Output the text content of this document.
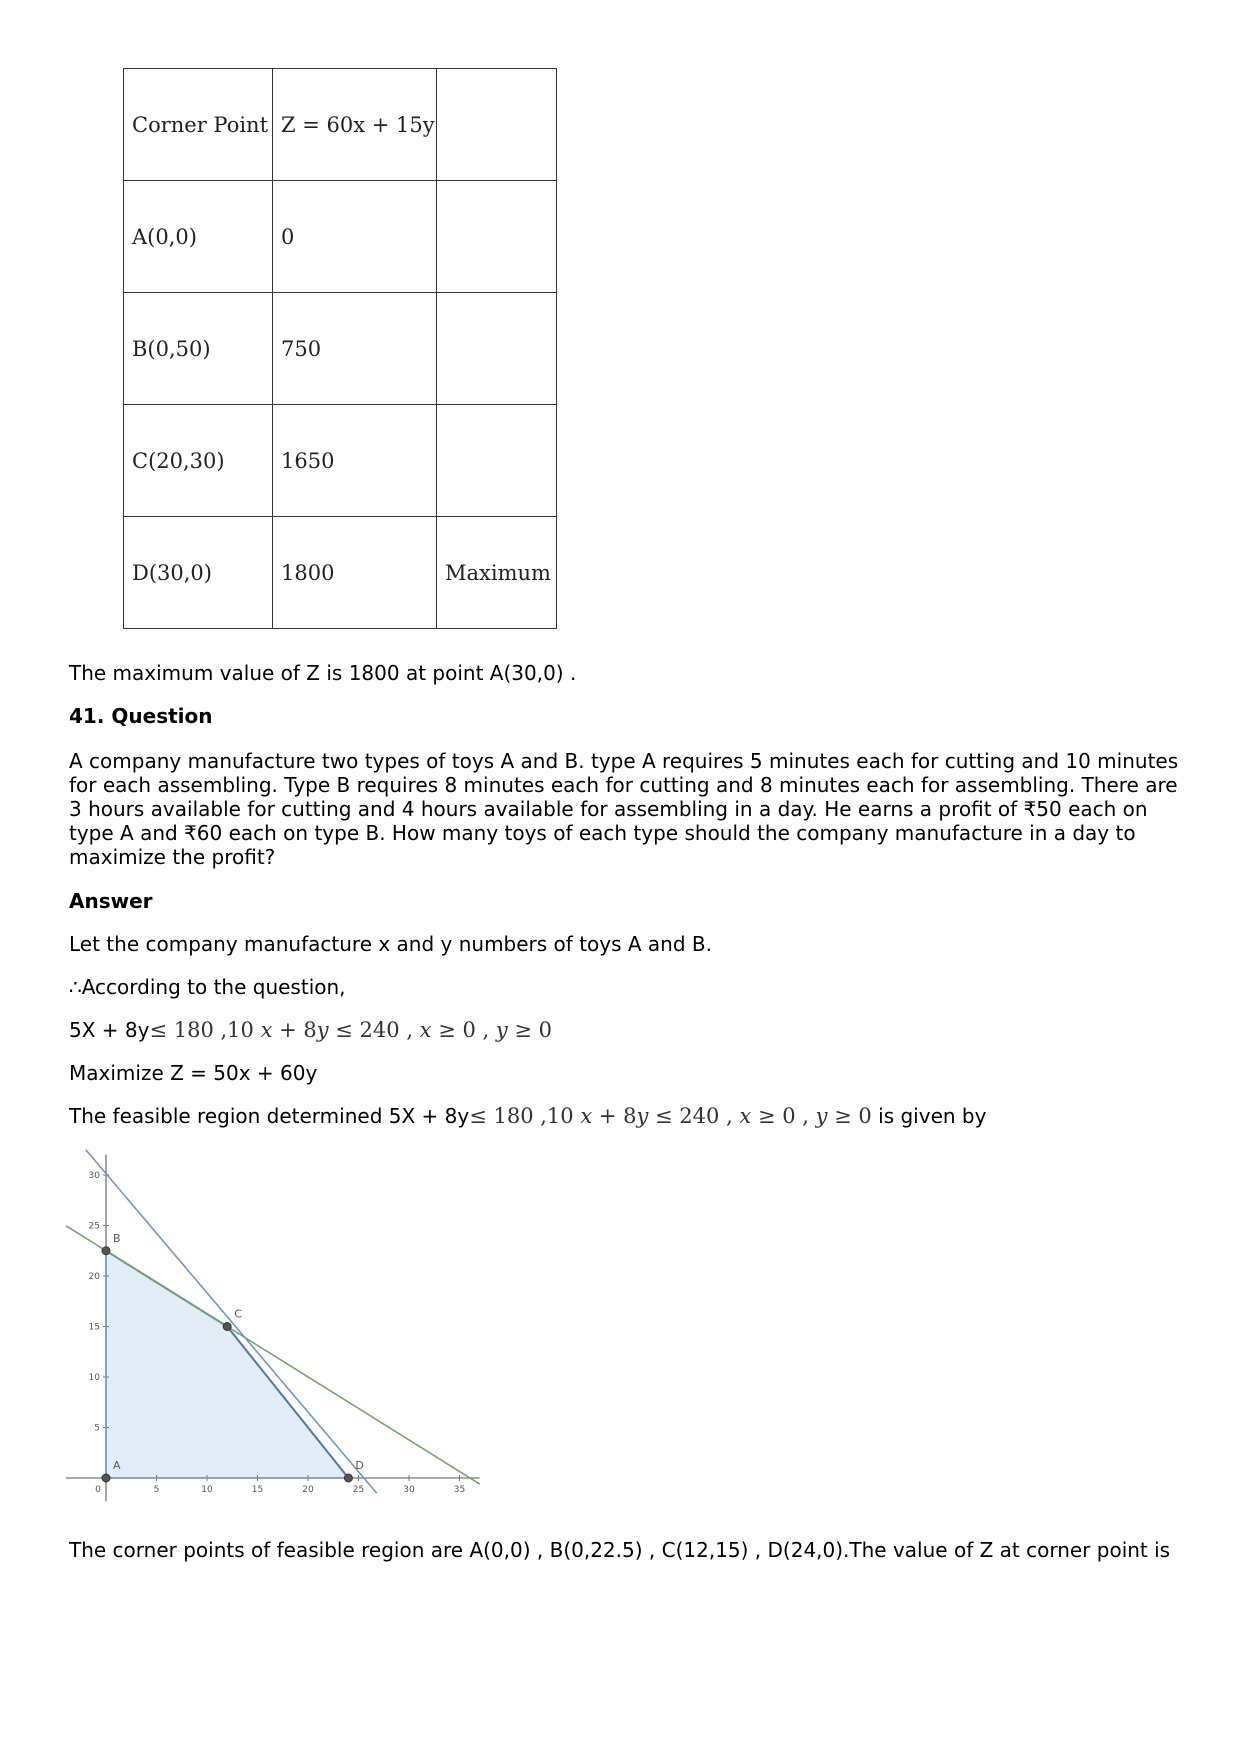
Corner Point	Z = 60x + 15y	
A(0,0)	0	
B(0,50)	750	
C(20,30)	1650	
D(30,0)	1800	Maximum

The maximum value of Z is 1800 at point A(30,0) .

41. Question

A company manufacture two types of toys A and B. type A requires 5 minutes each for cutting and 10 minutes for each assembling. Type B requires 8 minutes each for cutting and 8 minutes each for assembling. There are 3 hours available for cutting and 4 hours available for assembling in a day. He earns a profit of ₹50 each on type A and ₹60 each on type B. How many toys of each type should the company manufacture in a day to maximize the profit?

Answer

Let the company manufacture x and y numbers of toys A and B.

∴According to the question,

5X + 8y≤ 180 ,10 x + 8y ≤ 240 , x ≥ 0 , y ≥ 0

Maximize Z = 50x + 60y

The feasible region determined 5X + 8y≤ 180 ,10 x + 8y ≤ 240 , x ≥ 0 , y ≥ 0 is given by

5	10	15	20	25	30	35
5
10
15
20
25
30
0
A
B
C
D

The corner points of feasible region are A(0,0) , B(0,22.5) , C(12,15) , D(24,0).The value of Z at corner point is
